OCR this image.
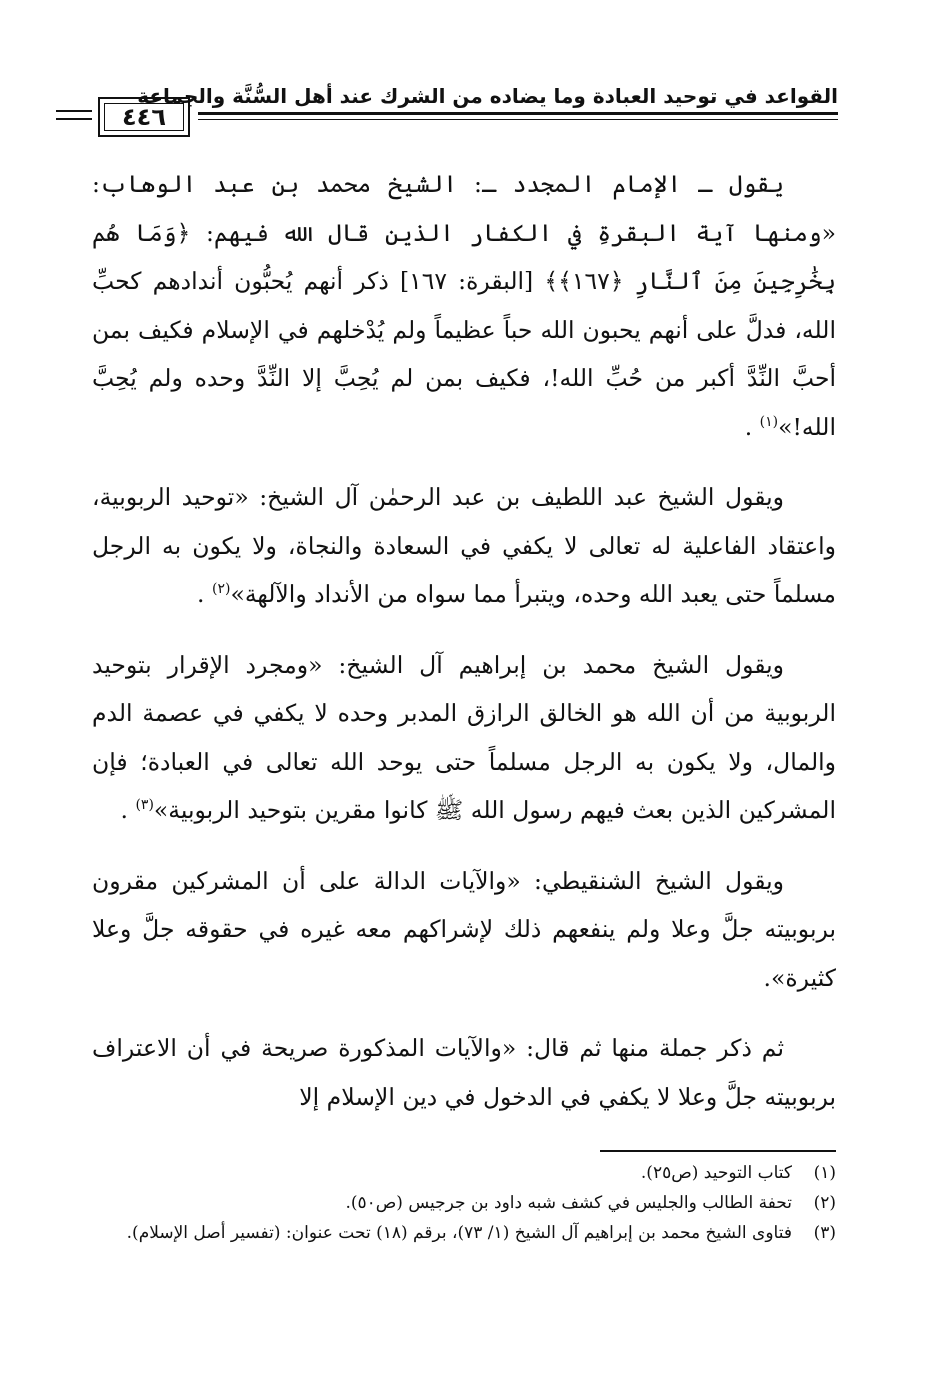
٤٤٦
القواعد في توحيد العبادة وما يضاده من الشرك عند أهل السُّنَّة والجماعة

يقول ـ الإمام المجدد ـ: الشيخ محمد بن عبد الوهاب: «ومنها آية البقرةِ في الكفار الذين قال الله فيهم: ﴿وَمَا هُم بِخَٰرِجِينَ مِنَ ٱلنَّارِ ﴿١٦٧﴾﴾ [البقرة: ١٦٧] ذكر أنهم يُحبُّون أندادهم كحبِّ الله، فدلَّ على أنهم يحبون الله حباً عظيماً ولم يُدْخلهم في الإسلام فكيف بمن أحبَّ النِّدَّ أكبر من حُبِّ الله!، فكيف بمن لم يُحِبَّ إلا النِّدَّ وحده ولم يُحِبَّ الله!»$^{(١)}$ .

ويقول الشيخ عبد اللطيف بن عبد الرحمٰن آل الشيخ: «توحيد الربوبية، واعتقاد الفاعلية له تعالى لا يكفي في السعادة والنجاة، ولا يكون به الرجل مسلماً حتى يعبد الله وحده، ويتبرأ مما سواه من الأنداد والآلهة»$^{(٢)}$ .

ويقول الشيخ محمد بن إبراهيم آل الشيخ: «ومجرد الإقرار بتوحيد الربوبية من أن الله هو الخالق الرازق المدبر وحده لا يكفي في عصمة الدم والمال، ولا يكون به الرجل مسلماً حتى يوحد الله تعالى في العبادة؛ فإن المشركين الذين بعث فيهم رسول الله ﷺ كانوا مقرين بتوحيد الربوبية»$^{(٣)}$ .

ويقول الشيخ الشنقيطي: «والآيات الدالة على أن المشركين مقرون بربوبيته جلَّ وعلا ولم ينفعهم ذلك لإشراكهم معه غيره في حقوقه جلَّ وعلا كثيرة».

ثم ذكر جملة منها ثم قال: «والآيات المذكورة صريحة في أن الاعتراف بربوبيته جلَّ وعلا لا يكفي في الدخول في دين الإسلام إلا

(١)
كتاب التوحيد (ص٢٥).
(٢)
تحفة الطالب والجليس في كشف شبه داود بن جرجيس (ص٥٠).
(٣)
فتاوى الشيخ محمد بن إبراهيم آل الشيخ (١/ ٧٣)، برقم (١٨) تحت عنوان: (تفسير أصل الإسلام).
